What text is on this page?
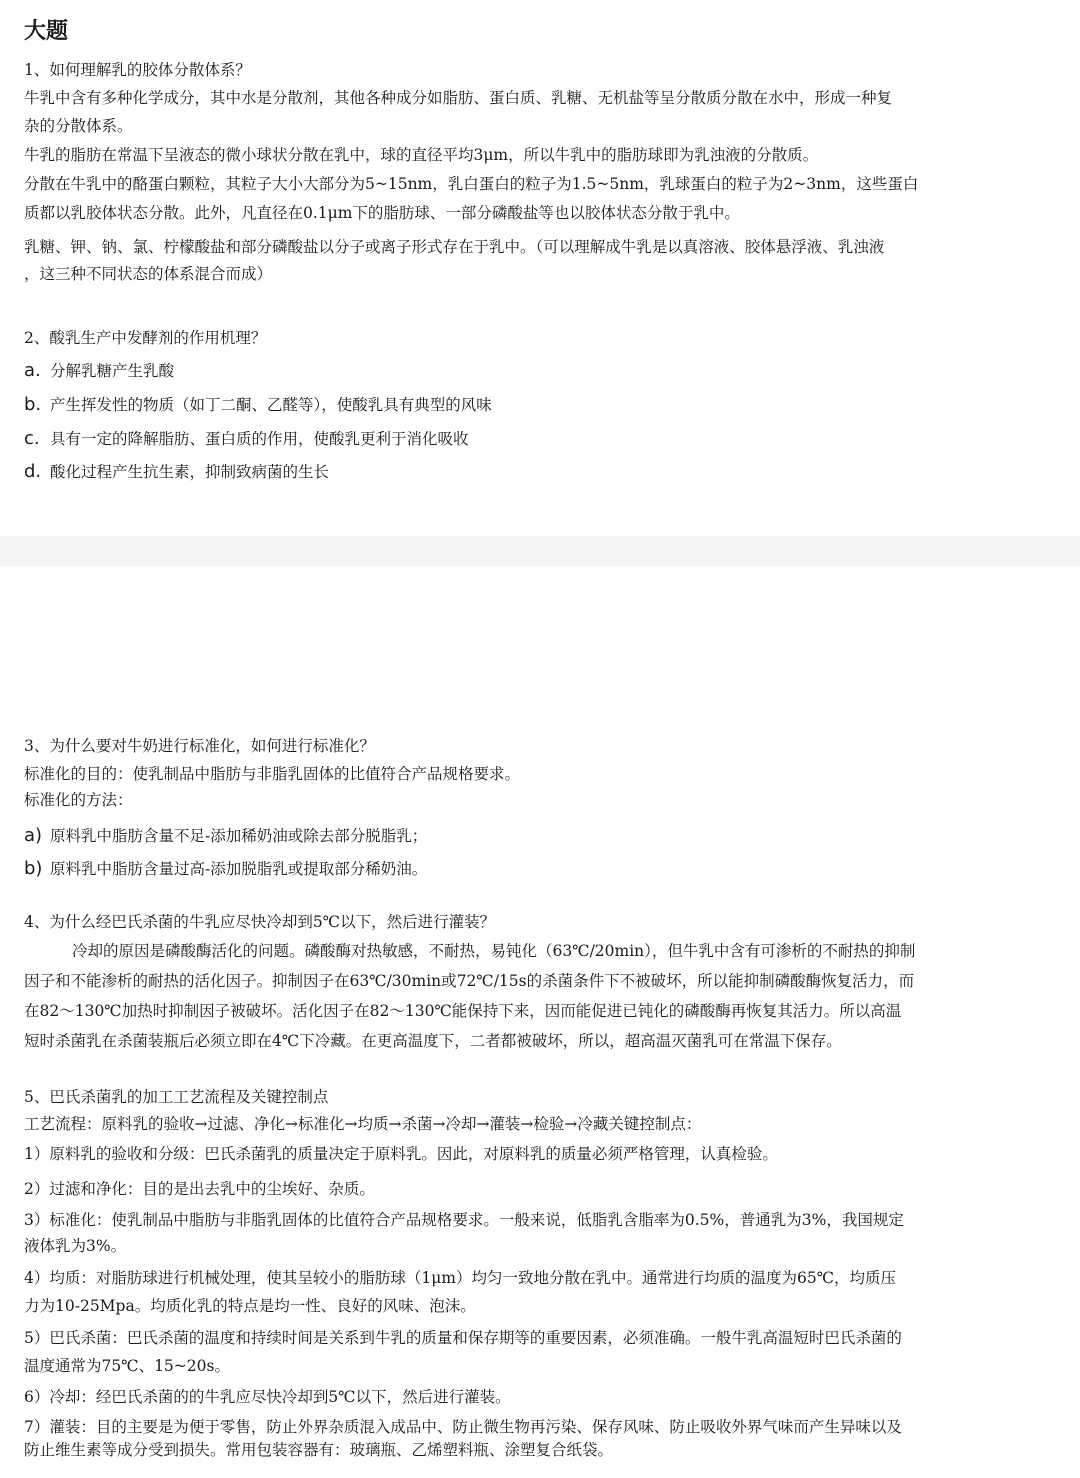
大题

1、如何理解乳的胶体分散体系？

牛乳中含有多种化学成分，其中水是分散剂，其他各种成分如脂肪、蛋白质、乳糖、无机盐等呈分散质分散在水中，形成一种复

杂的分散体系。

牛乳的脂肪在常温下呈液态的微小球状分散在乳中，球的直径平均3μm，所以牛乳中的脂肪球即为乳浊液的分散质。

分散在牛乳中的酪蛋白颗粒，其粒子大小大部分为5~15nm，乳白蛋白的粒子为1.5~5nm，乳球蛋白的粒子为2~3nm，这些蛋白

质都以乳胶体状态分散。此外，凡直径在0.1μm下的脂肪球、一部分磷酸盐等也以胶体状态分散于乳中。

乳糖、钾、钠、氯、柠檬酸盐和部分磷酸盐以分子或离子形式存在于乳中。（可以理解成牛乳是以真溶液、胶体悬浮液、乳浊液

，这三种不同状态的体系混合而成）

2、酸乳生产中发酵剂的作用机理？

a. 分解乳糖产生乳酸

b. 产生挥发性的物质（如丁二酮、乙醛等），使酸乳具有典型的风味

c. 具有一定的降解脂肪、蛋白质的作用，使酸乳更利于消化吸收

d. 酸化过程产生抗生素，抑制致病菌的生长

3、为什么要对牛奶进行标准化，如何进行标准化？

标准化的目的：使乳制品中脂肪与非脂乳固体的比值符合产品规格要求。

标准化的方法：

a) 原料乳中脂肪含量不足-添加稀奶油或除去部分脱脂乳；

b) 原料乳中脂肪含量过高-添加脱脂乳或提取部分稀奶油。

4、为什么经巴氏杀菌的牛乳应尽快冷却到5℃以下，然后进行灌装？

冷却的原因是磷酸酶活化的问题。磷酸酶对热敏感，不耐热，易钝化（63℃/20min），但牛乳中含有可渗析的不耐热的抑制

因子和不能渗析的耐热的活化因子。抑制因子在63℃/30min或72℃/15s的杀菌条件下不被破坏，所以能抑制磷酸酶恢复活力，而

在82～130℃加热时抑制因子被破坏。活化因子在82～130℃能保持下来，因而能促进已钝化的磷酸酶再恢复其活力。所以高温

短时杀菌乳在杀菌装瓶后必须立即在4℃下冷藏。在更高温度下，二者都被破坏，所以，超高温灭菌乳可在常温下保存。

5、巴氏杀菌乳的加工工艺流程及关键控制点

工艺流程：原料乳的验收→过滤、净化→标准化→均质→杀菌→冷却→灌装→检验→冷藏关键控制点：

1）原料乳的验收和分级：巴氏杀菌乳的质量决定于原料乳。因此，对原料乳的质量必须严格管理，认真检验。

2）过滤和净化：目的是出去乳中的尘埃好、杂质。

3）标准化：使乳制品中脂肪与非脂乳固体的比值符合产品规格要求。一般来说，低脂乳含脂率为0.5%，普通乳为3%，我国规定

液体乳为3%。

4）均质：对脂肪球进行机械处理，使其呈较小的脂肪球（1μm）均匀一致地分散在乳中。通常进行均质的温度为65℃，均质压

力为10-25Mpa。均质化乳的特点是均一性、良好的风味、泡沫。

5）巴氏杀菌：巴氏杀菌的温度和持续时间是关系到牛乳的质量和保存期等的重要因素，必须准确。一般牛乳高温短时巴氏杀菌的

温度通常为75℃、15~20s。

6）冷却：经巴氏杀菌的的牛乳应尽快冷却到5℃以下，然后进行灌装。

7）灌装：目的主要是为便于零售，防止外界杂质混入成品中、防止微生物再污染、保存风味、防止吸收外界气味而产生异味以及

防止维生素等成分受到损失。常用包装容器有：玻璃瓶、乙烯塑料瓶、涂塑复合纸袋。
